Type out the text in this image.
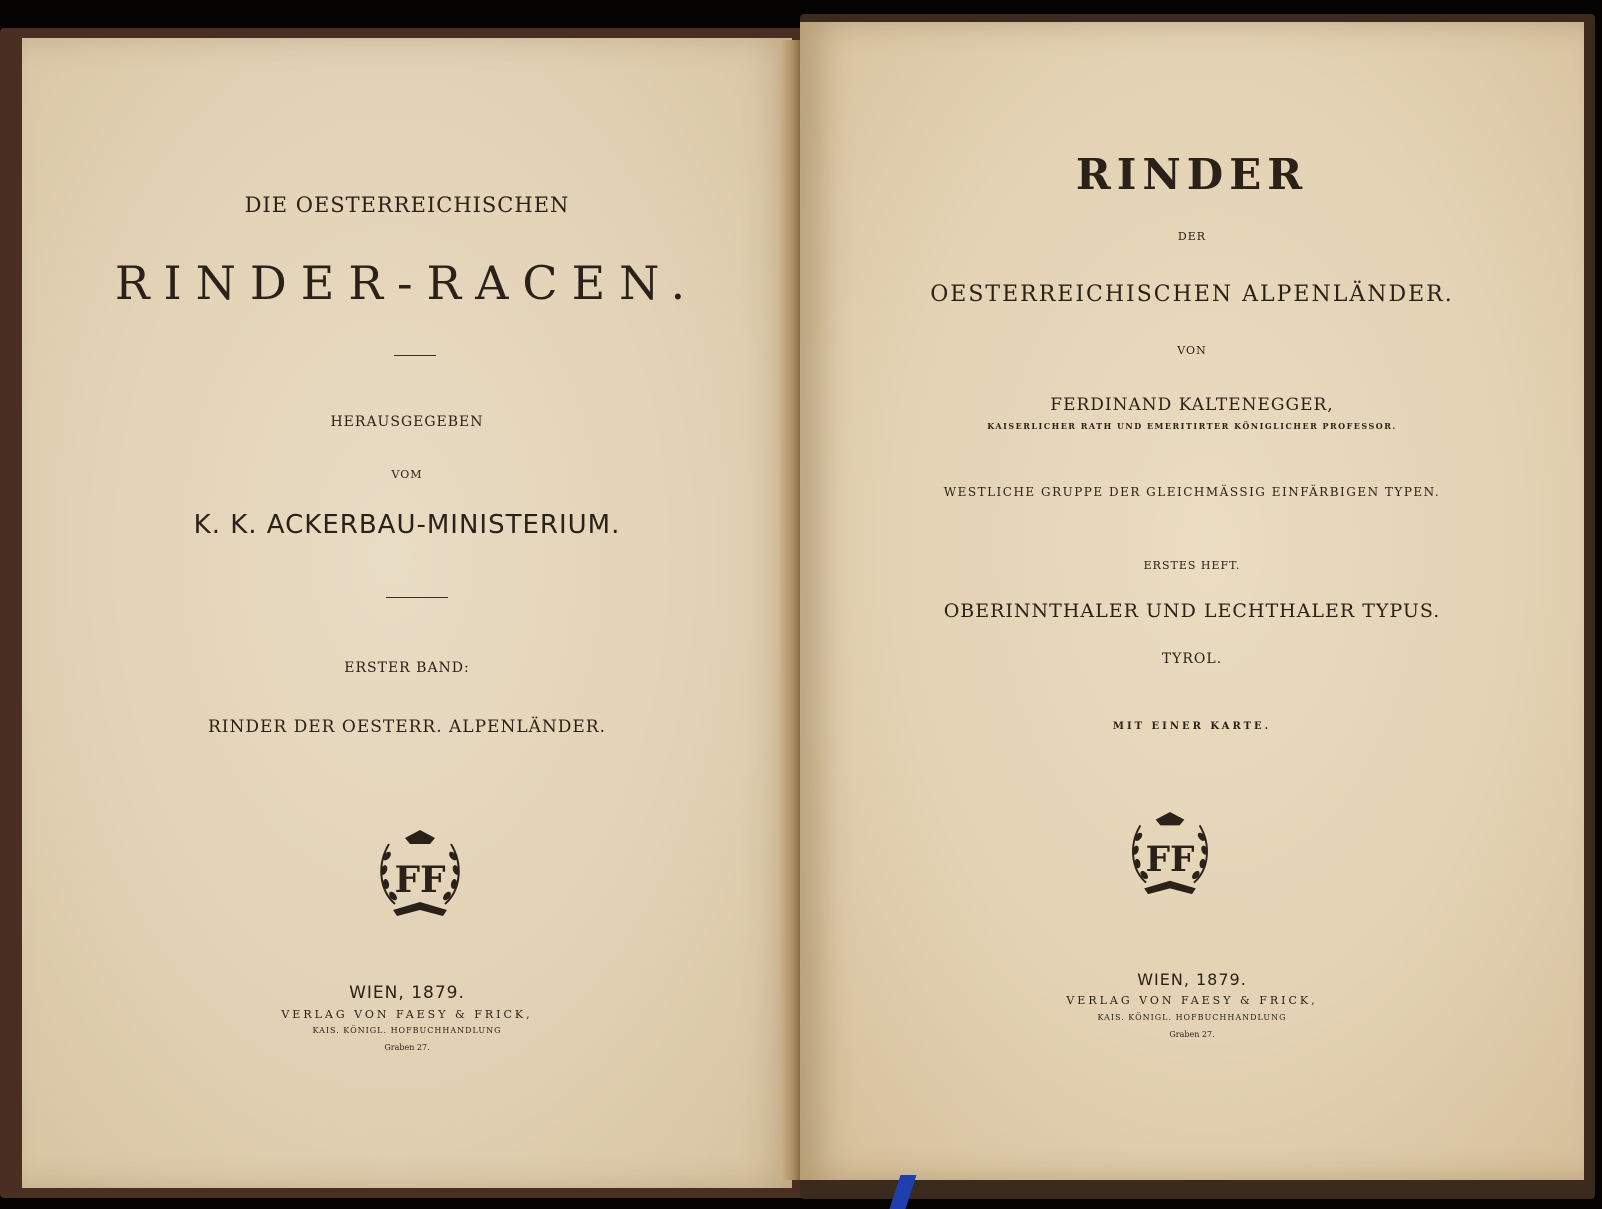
DIE OESTERREICHISCHEN
RINDER-RACEN.
HERAUSGEGEBEN
VOM
K. K. ACKERBAU-MINISTERIUM.
ERSTER BAND:
RINDER DER OESTERR. ALPENLÄNDER.
FF
WIEN, 1879.
VERLAG VON FAESY & FRICK,
KAIS. KÖNIGL. HOFBUCHHANDLUNG
Graben 27.
RINDER
DER
OESTERREICHISCHEN ALPENLÄNDER.
VON
FERDINAND KALTENEGGER,
KAISERLICHER RATH UND EMERITIRTER KÖNIGLICHER PROFESSOR.
WESTLICHE GRUPPE DER GLEICHMÄSSIG EINFÄRBIGEN TYPEN.
ERSTES HEFT.
OBERINNTHALER UND LECHTHALER TYPUS.
TYROL.
MIT EINER KARTE.
FF
WIEN, 1879.
VERLAG VON FAESY & FRICK,
KAIS. KÖNIGL. HOFBUCHHANDLUNG
Graben 27.
